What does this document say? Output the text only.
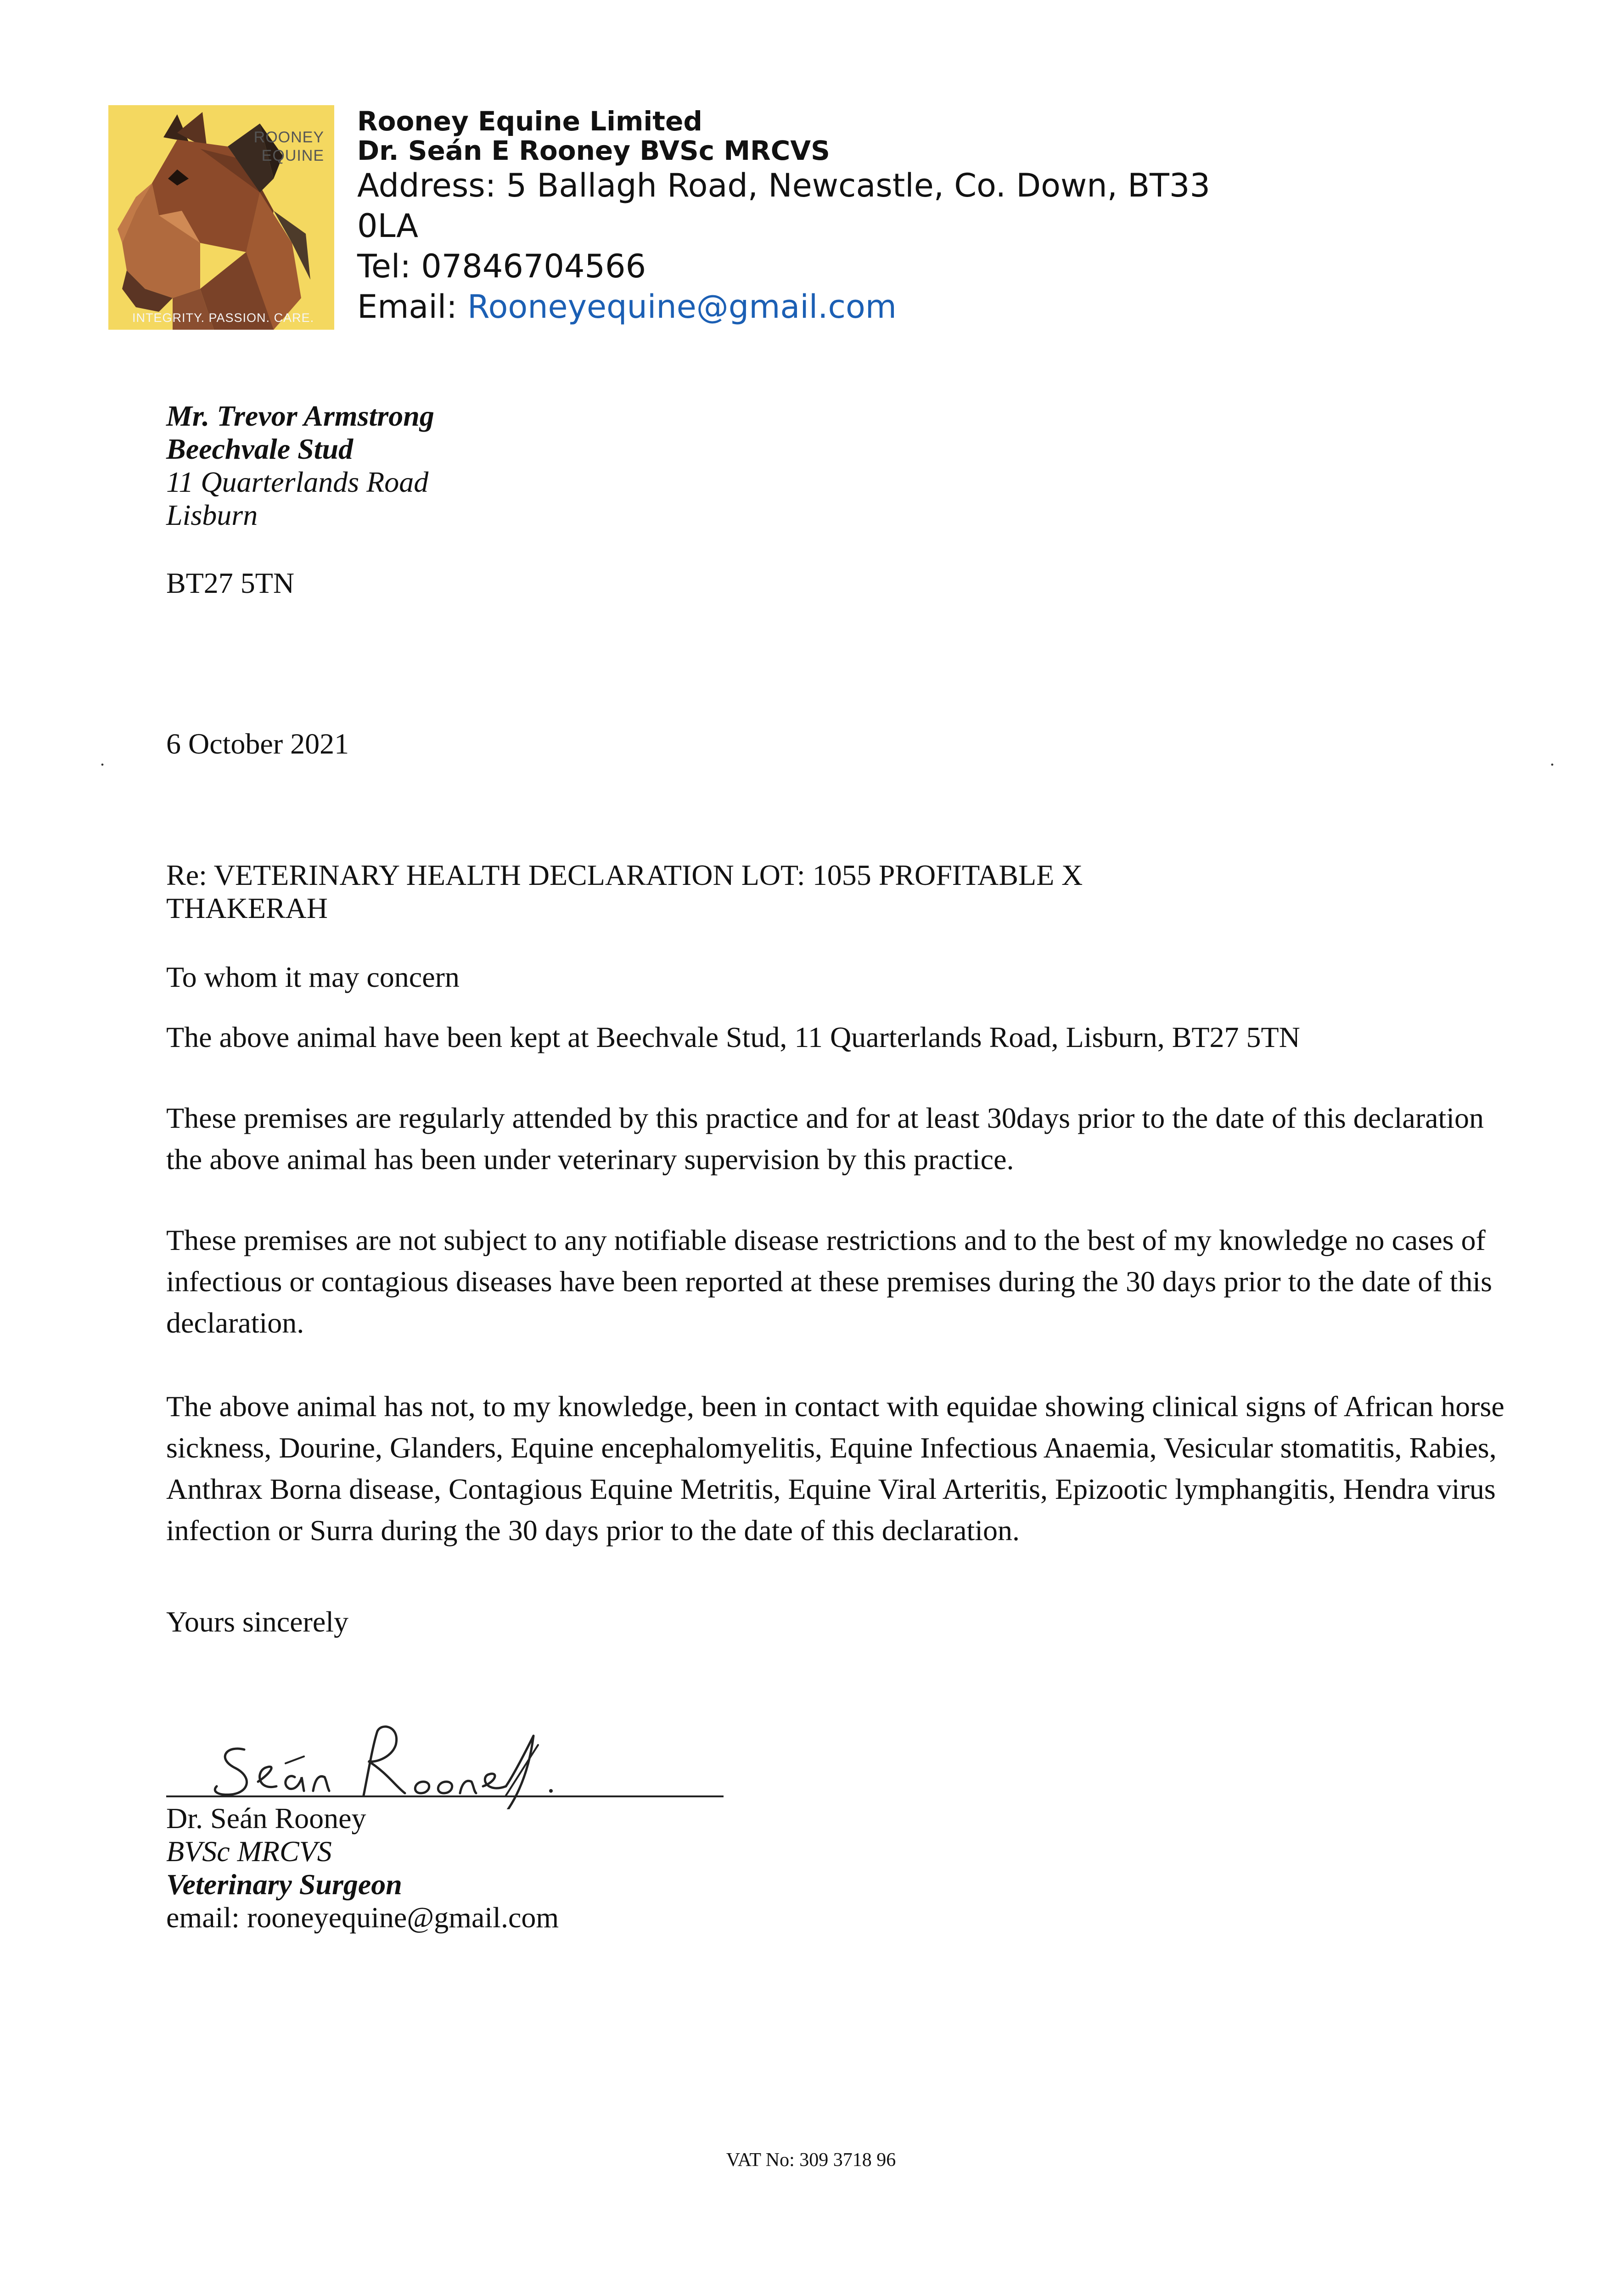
ROONEY
EQUINE
INTEGRITY. PASSION. CARE.
Rooney Equine Limited
Dr. Seán E Rooney BVSc MRCVS
Address: 5 Ballagh Road, Newcastle, Co. Down, BT33
0LA
Tel: 07846704566
Email: Rooneyequine@gmail.com
Mr. Trevor Armstrong
Beechvale Stud
11 Quarterlands Road
Lisburn
BT27 5TN
.	.
6 October 2021
Re: VETERINARY HEALTH DECLARATION LOT: 1055 PROFITABLE X
THAKERAH
To whom it may concern
The above animal have been kept at Beechvale Stud, 11 Quarterlands Road, Lisburn, BT27 5TN
These premises are regularly attended by this practice and for at least 30days prior to the date of this declaration the above animal has been under veterinary supervision by this practice.
These premises are not subject to any notifiable disease restrictions and to the best of my knowledge no cases of infectious or contagious diseases have been reported at these premises during the 30 days prior to the date of this declaration.
The above animal has not, to my knowledge, been in contact with equidae showing clinical signs of African horse sickness, Dourine, Glanders, Equine encephalomyelitis, Equine Infectious Anaemia, Vesicular stomatitis, Rabies, Anthrax Borna disease, Contagious Equine Metritis, Equine Viral Arteritis, Epizootic lymphangitis, Hendra virus infection or Surra during the 30 days prior to the date of this declaration.
Yours sincerely
Dr. Seán Rooney
BVSc MRCVS
Veterinary Surgeon
email: rooneyequine@gmail.com
VAT No: 309 3718 96
